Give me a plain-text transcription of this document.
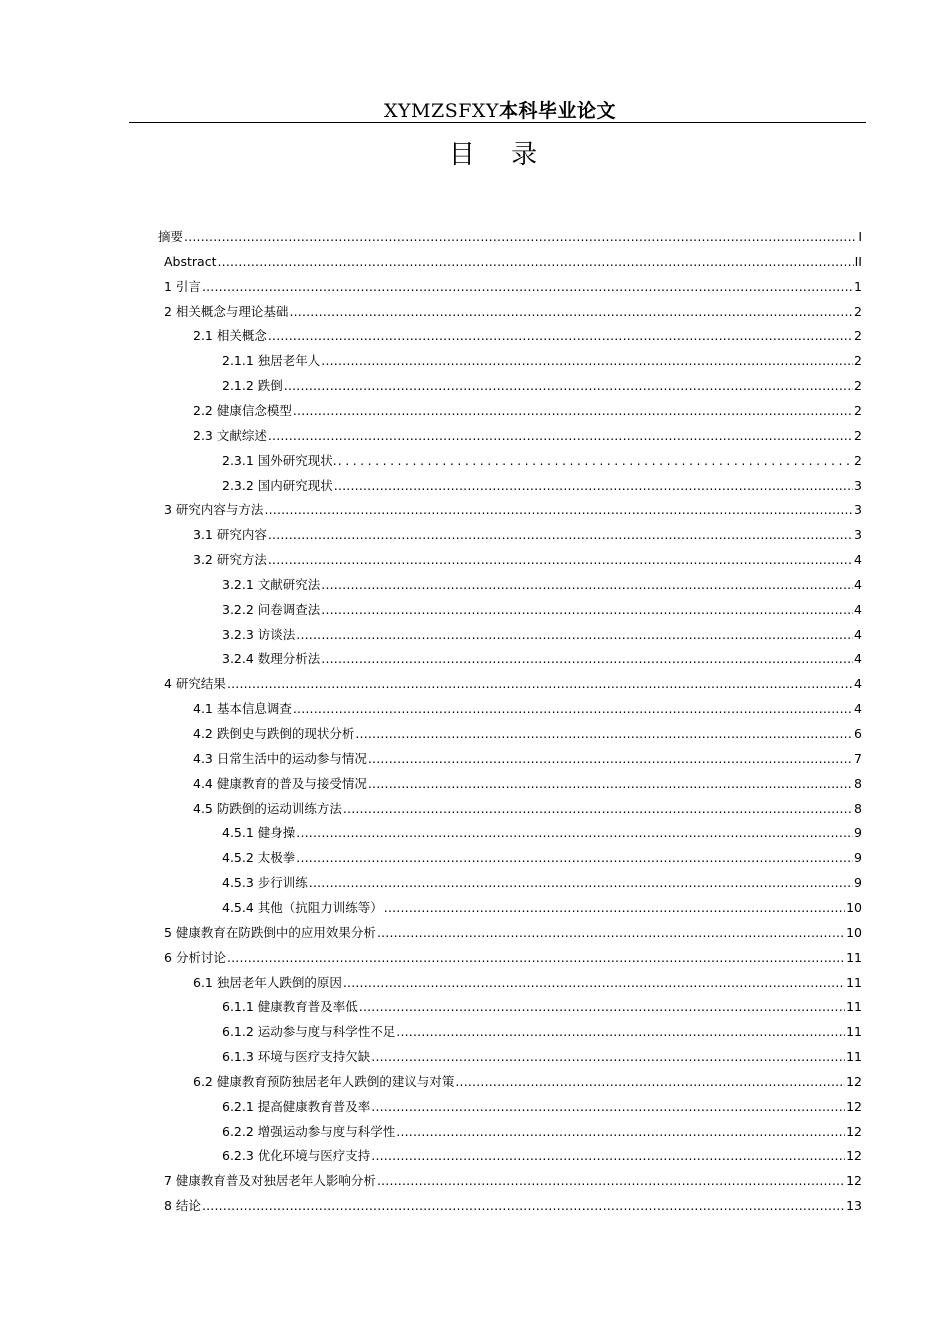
XYMZSFXY本科毕业论文
目 录
摘要 .....	I
Abstract .....	II
1 引言 .....	1
2 相关概念与理论基础 .....	2
2.1 相关概念 .....	2
2.1.1 独居老年人 .....	2
2.1.2 跌倒 .....	2
2.2 健康信念模型 .....	2
2.3 文献综述 .....	2
2.3.1 国外研究现状. .....	2
2.3.2 国内研究现状 .....	3
3 研究内容与方法 .....	3
3.1 研究内容 .....	3
3.2 研究方法 .....	4
3.2.1 文献研究法 .....	4
3.2.2 问卷调查法 .....	4
3.2.3 访谈法 .....	4
3.2.4 数理分析法 .....	4
4 研究结果 .....	4
4.1 基本信息调查 .....	4
4.2 跌倒史与跌倒的现状分析 .....	6
4.3 日常生活中的运动参与情况 .....	7
4.4 健康教育的普及与接受情况 .....	8
4.5 防跌倒的运动训练方法 .....	8
4.5.1 健身操 .....	9
4.5.2 太极拳 .....	9
4.5.3 步行训练 .....	9
4.5.4 其他（抗阻力训练等） .....	10
5 健康教育在防跌倒中的应用效果分析 .....	10
6 分析讨论 .....	11
6.1 独居老年人跌倒的原因 .....	11
6.1.1 健康教育普及率低 .....	11
6.1.2 运动参与度与科学性不足 .....	11
6.1.3 环境与医疗支持欠缺 .....	11
6.2 健康教育预防独居老年人跌倒的建议与对策 .....	12
6.2.1 提高健康教育普及率 .....	12
6.2.2 增强运动参与度与科学性 .....	12
6.2.3 优化环境与医疗支持 .....	12
7 健康教育普及对独居老年人影响分析 .....	12
8 结论 .....	13
